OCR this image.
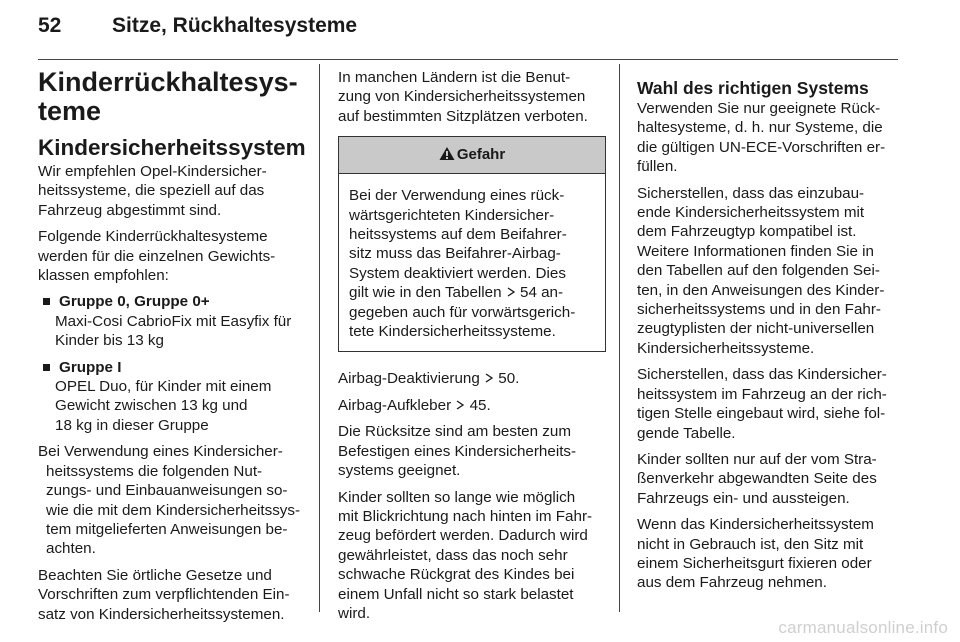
52	Sitze, Rückhaltesysteme
Kinderrückhaltesys-
teme
Kindersicherheitssystem

Wir empfehlen Opel-Kindersicher-
heitssysteme, die speziell auf das
Fahrzeug abgestimmt sind.

Folgende Kinderrückhaltesysteme
werden für die einzelnen Gewichts-
klassen empfohlen:

Gruppe 0, Gruppe 0+

Maxi-Cosi CabrioFix mit Easyfix für
Kinder bis 13 kg

Gruppe I

OPEL Duo, für Kinder mit einem
Gewicht zwischen 13 kg und
18 kg in dieser Gruppe

Bei Verwendung eines Kindersicher-
heitssystems die folgenden Nut-
zungs- und Einbauanweisungen so-
wie die mit dem Kindersicherheitssys-
tem mitgelieferten Anweisungen be-
achten.

Beachten Sie örtliche Gesetze und
Vorschriften zum verpflichtenden Ein-
satz von Kindersicherheitssystemen.

In manchen Ländern ist die Benut-
zung von Kindersicherheitssystemen
auf bestimmten Sitzplätzen verboten.

Gefahr
Bei der Verwendung eines rück-
wärtsgerichteten Kindersicher-
heitssystems auf dem Beifahrer-
sitz muss das Beifahrer-Airbag-
System deaktiviert werden. Dies
gilt wie in den Tabellen  54 an-
gegeben auch für vorwärtsgerich-
tete Kindersicherheitssysteme.

Airbag-Deaktivierung  50.

Airbag-Aufkleber  45.

Die Rücksitze sind am besten zum
Befestigen eines Kindersicherheits-
systems geeignet.

Kinder sollten so lange wie möglich
mit Blickrichtung nach hinten im Fahr-
zeug befördert werden. Dadurch wird
gewährleistet, dass das noch sehr
schwache Rückgrat des Kindes bei
einem Unfall nicht so stark belastet
wird.

Wahl des richtigen Systems

Verwenden Sie nur geeignete Rück-
haltesysteme, d. h. nur Systeme, die
die gültigen UN-ECE-Vorschriften er-
füllen.

Sicherstellen, dass das einzubau-
ende Kindersicherheitssystem mit
dem Fahrzeugtyp kompatibel ist.
Weitere Informationen finden Sie in
den Tabellen auf den folgenden Sei-
ten, in den Anweisungen des Kinder-
sicherheitssystems und in den Fahr-
zeugtyplisten der nicht-universellen
Kindersicherheitssysteme.

Sicherstellen, dass das Kindersicher-
heitssystem im Fahrzeug an der rich-
tigen Stelle eingebaut wird, siehe fol-
gende Tabelle.

Kinder sollten nur auf der vom Stra-
ßenverkehr abgewandten Seite des
Fahrzeugs ein- und aussteigen.

Wenn das Kindersicherheitssystem
nicht in Gebrauch ist, den Sitz mit
einem Sicherheitsgurt fixieren oder
aus dem Fahrzeug nehmen.

carmanualsonline.info
